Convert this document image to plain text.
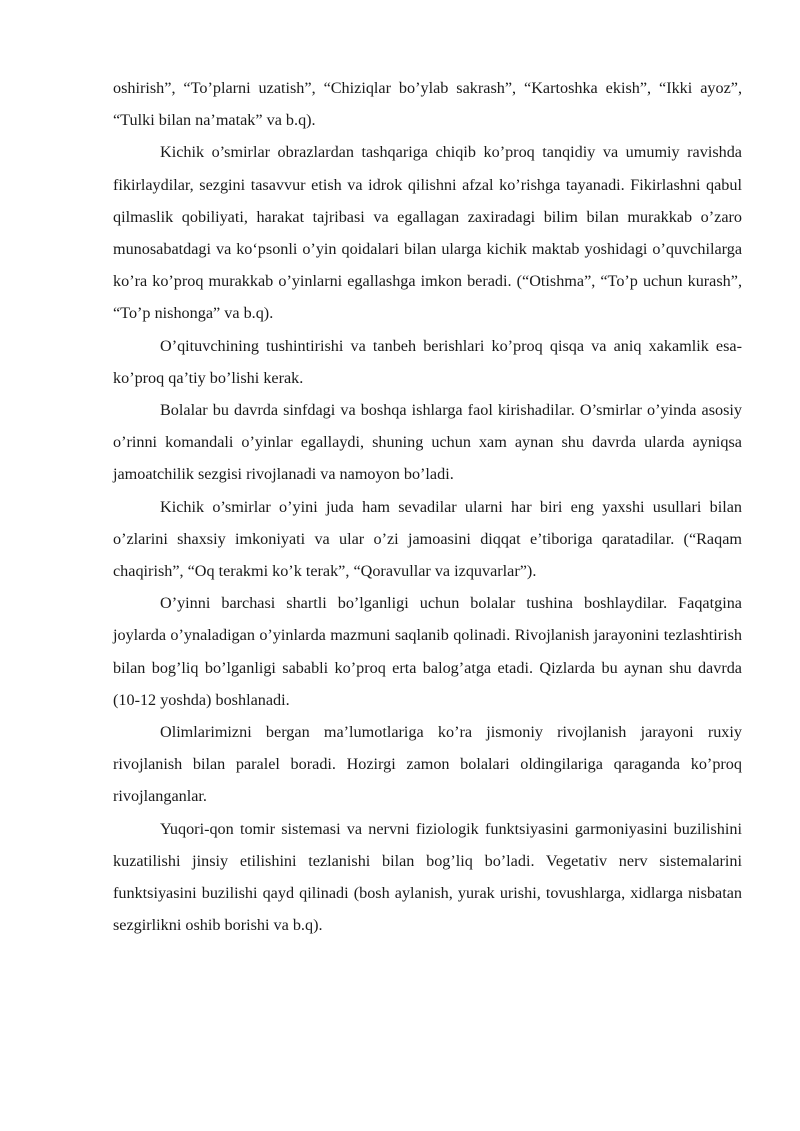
oshirish”, “To’plarni uzatish”, “Chiziqlar bo’ylab sakrash”, “Kartoshka ekish”, “Ikki ayoz”, “Tulki bilan na’matak” va b.q).

Kichik o’smirlar obrazlardan tashqariga chiqib ko’proq tanqidiy va umumiy ravishda fikirlaydilar, sezgini tasavvur etish va idrok qilishni afzal ko’rishga tayanadi. Fikirlashni qabul qilmaslik qobiliyati, harakat tajribasi va egallagan zaxiradagi bilim bilan murakkab o’zaro munosabatdagi va koʻpsonli o’yin qoidalari bilan ularga kichik maktab yoshidagi o’quvchilarga ko’ra ko’proq murakkab o’yinlarni egallashga imkon beradi. (“Otishma”, “To’p uchun kurash”, “To’p nishonga” va b.q).

O’qituvchining tushintirishi va tanbeh berishlari ko’proq qisqa va aniq xakamlik esa-ko’proq qa’tiy bo’lishi kerak.

Bolalar bu davrda sinfdagi va boshqa ishlarga faol kirishadilar. O’smirlar o’yinda asosiy o’rinni komandali o’yinlar egallaydi, shuning uchun xam aynan shu davrda ularda ayniqsa jamoatchilik sezgisi rivojlanadi va namoyon bo’ladi.

Kichik o’smirlar o’yini juda ham sevadilar ularni har biri eng yaxshi usullari bilan o’zlarini shaxsiy imkoniyati va ular o’zi jamoasini diqqat e’tiboriga qaratadilar. (“Raqam chaqirish”, “Oq terakmi ko’k terak”, “Qoravullar va izquvarlar”).

O’yinni barchasi shartli bo’lganligi uchun bolalar tushina boshlaydilar. Faqatgina joylarda o’ynaladigan o’yinlarda mazmuni saqlanib qolinadi. Rivojlanish jarayonini tezlashtirish bilan bog’liq bo’lganligi sababli ko’proq erta balog’atga etadi. Qizlarda bu aynan shu davrda (10-12 yoshda) boshlanadi.

Olimlarimizni bergan ma’lumotlariga ko’ra jismoniy rivojlanish jarayoni ruxiy rivojlanish bilan paralel boradi. Hozirgi zamon bolalari oldingilariga qaraganda ko’proq rivojlanganlar.

Yuqori-qon tomir sistemasi va nervni fiziologik funktsiyasini garmoniyasini buzilishini kuzatilishi jinsiy etilishini tezlanishi bilan bog’liq bo’ladi. Vegetativ nerv sistemalarini funktsiyasini buzilishi qayd qilinadi (bosh aylanish, yurak urishi, tovushlarga, xidlarga nisbatan sezgirlikni oshib borishi va b.q).
